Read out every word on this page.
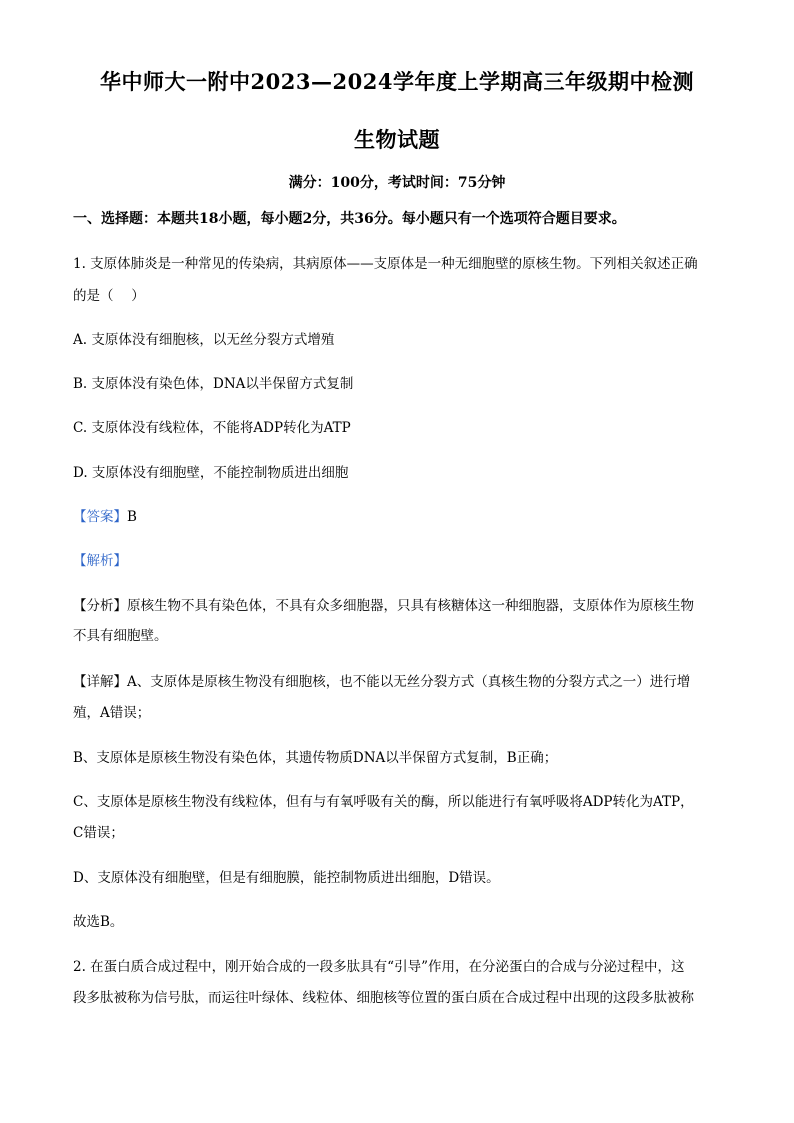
华中师大一附中2023—2024学年度上学期高三年级期中检测
生物试题
满分：100分，考试时间：75分钟
一、选择题：本题共18小题，每小题2分，共36分。每小题只有一个选项符合题目要求。
1. 支原体肺炎是一种常见的传染病，其病原体——支原体是一种无细胞壁的原核生物。下列相关叙述正确
的是（　 ）
A. 支原体没有细胞核，以无丝分裂方式增殖
B. 支原体没有染色体，DNA以半保留方式复制
C. 支原体没有线粒体，不能将ADP转化为ATP
D. 支原体没有细胞壁，不能控制物质进出细胞
【答案】B
【解析】
【分析】原核生物不具有染色体，不具有众多细胞器，只具有核糖体这一种细胞器，支原体作为原核生物
不具有细胞壁。
【详解】A、支原体是原核生物没有细胞核，也不能以无丝分裂方式（真核生物的分裂方式之一）进行增
殖，A错误；
B、支原体是原核生物没有染色体，其遗传物质DNA以半保留方式复制，B正确；
C、支原体是原核生物没有线粒体，但有与有氧呼吸有关的酶，所以能进行有氧呼吸将ADP转化为ATP，
C错误；
D、支原体没有细胞壁，但是有细胞膜，能控制物质进出细胞，D错误。
故选B。
2. 在蛋白质合成过程中，刚开始合成的一段多肽具有“引导”作用，在分泌蛋白的合成与分泌过程中，这
段多肽被称为信号肽，而运往叶绿体、线粒体、细胞核等位置的蛋白质在合成过程中出现的这段多肽被称
